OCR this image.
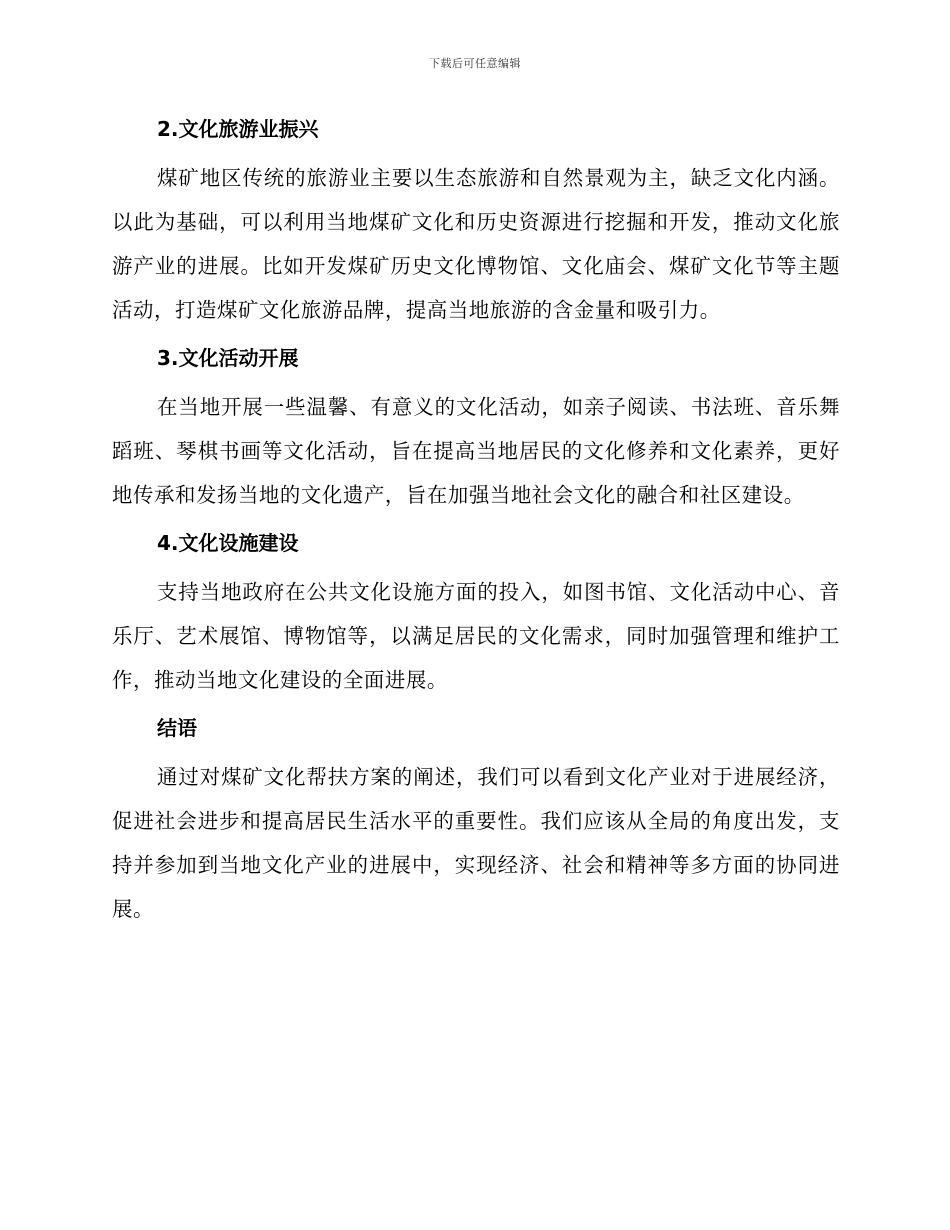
下载后可任意编辑
2.文化旅游业振兴

煤矿地区传统的旅游业主要以生态旅游和自然景观为主，缺乏文化内涵。以此为基础，可以利用当地煤矿文化和历史资源进行挖掘和开发，推动文化旅游产业的进展。比如开发煤矿历史文化博物馆、文化庙会、煤矿文化节等主题活动，打造煤矿文化旅游品牌，提高当地旅游的含金量和吸引力。

3.文化活动开展

在当地开展一些温馨、有意义的文化活动，如亲子阅读、书法班、音乐舞蹈班、琴棋书画等文化活动，旨在提高当地居民的文化修养和文化素养，更好地传承和发扬当地的文化遗产，旨在加强当地社会文化的融合和社区建设。

4.文化设施建设

支持当地政府在公共文化设施方面的投入，如图书馆、文化活动中心、音乐厅、艺术展馆、博物馆等，以满足居民的文化需求，同时加强管理和维护工作，推动当地文化建设的全面进展。

结语

通过对煤矿文化帮扶方案的阐述，我们可以看到文化产业对于进展经济，促进社会进步和提高居民生活水平的重要性。我们应该从全局的角度出发，支持并参加到当地文化产业的进展中，实现经济、社会和精神等多方面的协同进展。
